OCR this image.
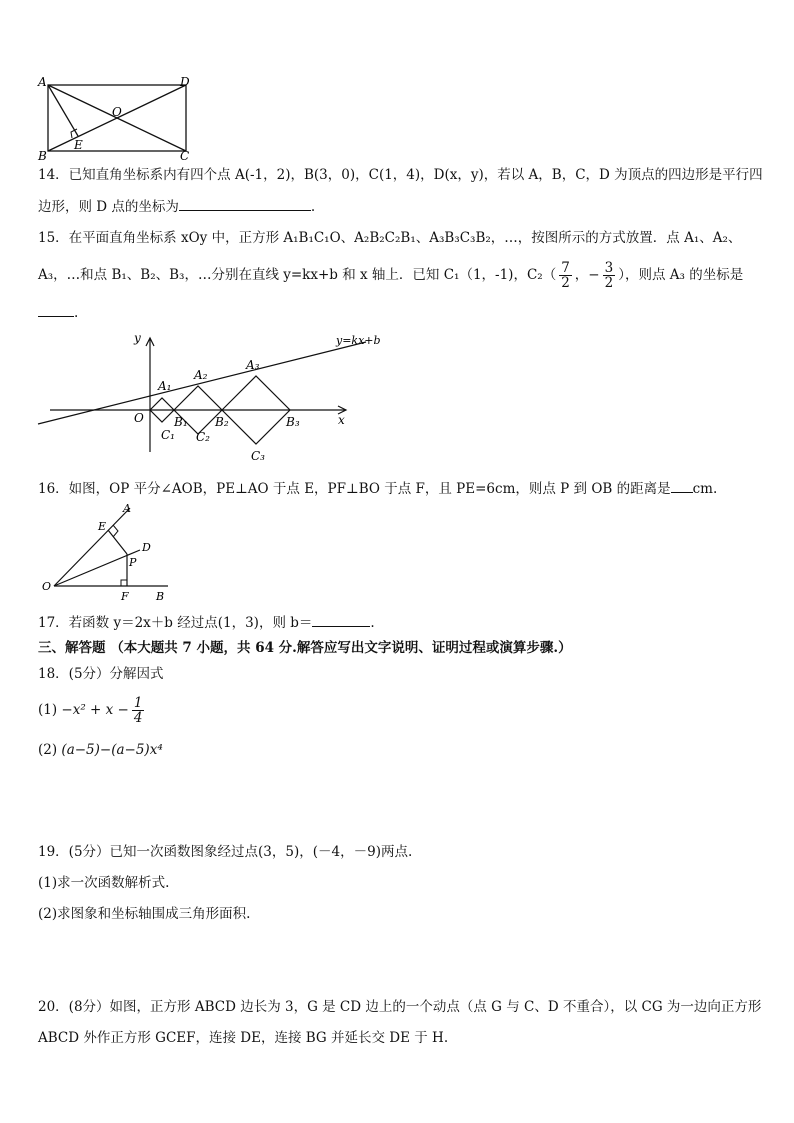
A	D
B	C
O
E
14．已知直角坐标系内有四个点 A(-1，2)，B(3，0)，C(1，4)，D(x，y)，若以 A，B，C，D 为顶点的四边形是平行四
边形，则 D 点的坐标为	.
15．在平面直角坐标系 xOy 中，正方形 A₁B₁C₁O、A₂B₂C₂B₁、A₃B₃C₃B₂，…，按图所示的方式放置．点 A₁、A₂、
A₃，…和点 B₁、B₂、B₃，…分别在直线 y=kx+b 和 x 轴上．已知 C₁（1，-1)，$C_2( \frac{7}{2}$ ，− $\frac{3}{2}$ ），则点 A₃ 的坐标是
.
y
x
O
y=kx+b
A₁
A₂
A₃
B₁ B₂	B₃
C₁ C₂
C₃
16．如图，OP 平分∠AOB，PE⊥AO 于点 E，PF⊥BO 于点 F，且 PE=6cm，则点 P 到 OB 的距离是 cm.
A
E
D
P
O
F B
17．若函数 y＝2x＋b 经过点(1，3)，则 b＝	.
三、解答题 （本大题共 7 小题，共 64 分.解答应写出文字说明、证明过程或演算步骤.）
18．(5分）分解因式
$(1) -x^2 + x - \frac{1}{4}$
(2) (a−5)−(a−5)x⁴
19．(5分）已知一次函数图象经过点(3，5)，(－4，－9)两点.
(1)求一次函数解析式.
(2)求图象和坐标轴围成三角形面积.
20．(8分）如图，正方形 ABCD 边长为 3，G 是 CD 边上的一个动点（点 G 与 C、D 不重合），以 CG 为一边向正方形
ABCD 外作正方形 GCEF，连接 DE，连接 BG 并延长交 DE 于 H.
